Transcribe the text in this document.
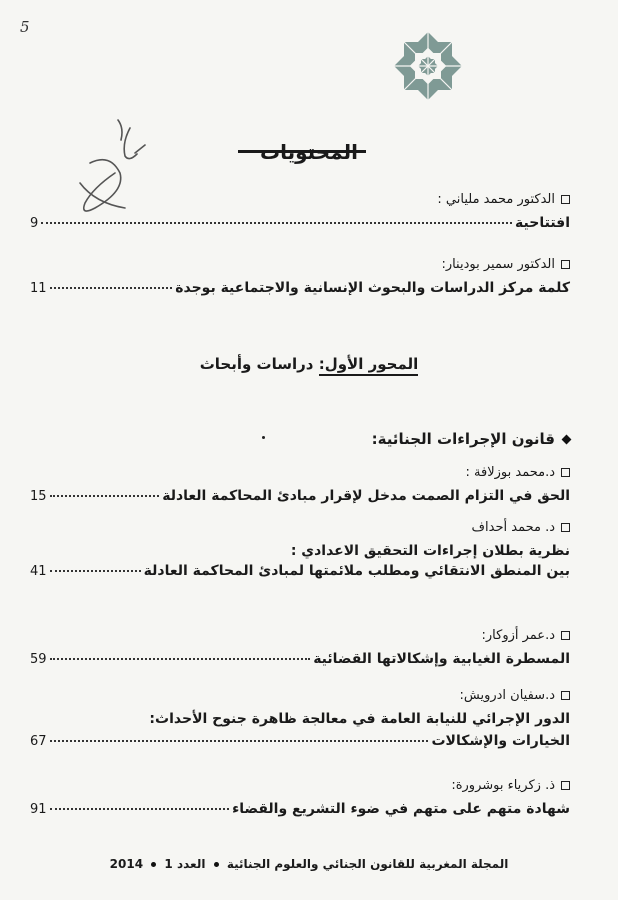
5
المحتويات
الدكتور محمد ملياني :
افتتاحية
9
الدكتور سمير بودينار:
كلمة مركز الدراسات والبحوث الإنسانية والاجتماعية بوجدة
11
المحور الأول: دراسات وأبحاث
قانون الإجراءات الجنائية:
د.محمد بوزلافة :
الحق في التزام الصمت مدخل لإقرار مبادئ المحاكمة العادلة
15
د. محمد أحداف
نظرية بطلان إجراءات التحقيق الاعدادي :
بين المنطق الانتقائي ومطلب ملائمتها لمبادئ المحاكمة العادلة
41
د.عمر أزوكار:
المسطرة الغيابية وإشكالاتها القضائية
59
د.سفيان ادرويش:
الدور الإجرائي للنيابة العامة في معالجة ظاهرة جنوح الأحداث:
الخيارات والإشكالات
67
ذ. زكرياء بوشرورة:
شهادة متهم على متهم في ضوء التشريع والقضاء
91
المجلة المغربية للقانون الجنائي والعلوم الجنائية  العدد 1  2014
